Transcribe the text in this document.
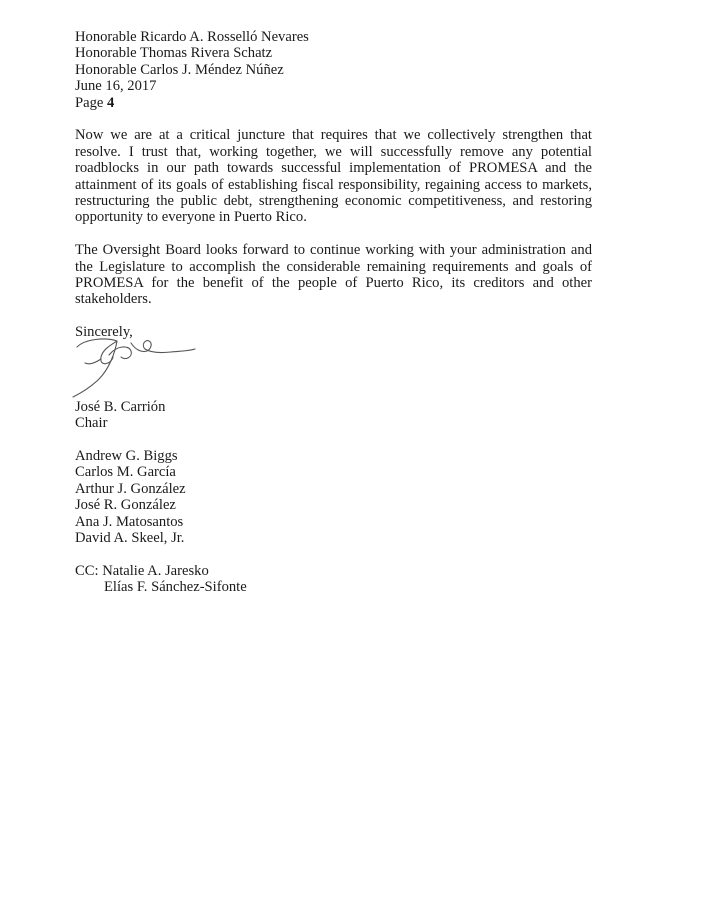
Honorable Ricardo A. Rosselló Nevares
Honorable Thomas Rivera Schatz
Honorable Carlos J. Méndez Núñez
June 16, 2017
Page 4

Now we are at a critical juncture that requires that we collectively strengthen that resolve. I trust that, working together, we will successfully remove any potential roadblocks in our path towards successful implementation of PROMESA and the attainment of its goals of establishing fiscal responsibility, regaining access to markets, restructuring the public debt, strengthening economic competitiveness, and restoring opportunity to everyone in Puerto Rico.

The Oversight Board looks forward to continue working with your administration and the Legislature to accomplish the considerable remaining requirements and goals of PROMESA for the benefit of the people of Puerto Rico, its creditors and other stakeholders.

Sincerely,
José B. Carrión
Chair
Andrew G. Biggs
Carlos M. García
Arthur J. González
José R. González
Ana J. Matosantos
David A. Skeel, Jr.
CC: Natalie A. Jaresko
Elías F. Sánchez-Sifonte
